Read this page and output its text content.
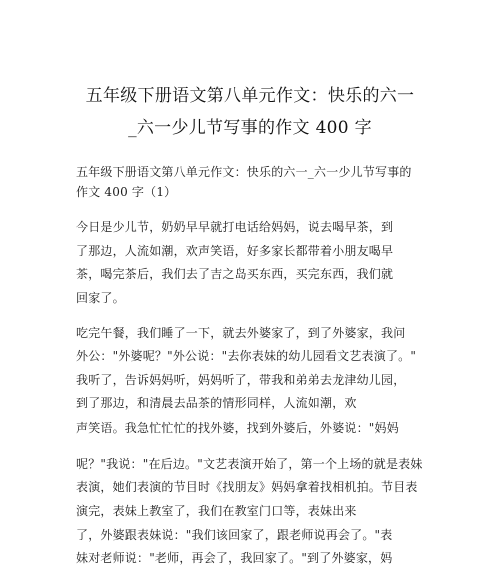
五年级下册语文第八单元作文：快乐的六一
_六一少儿节写事的作文 400 字
五年级下册语文第八单元作文：快乐的六一_六一少儿节写事的
作文 400 字（1）
今日是少儿节，奶奶早早就打电话给妈妈，说去喝早茶，到
了那边，人流如潮，欢声笑语，好多家长都带着小朋友喝早
茶，喝完茶后，我们去了吉之岛买东西，买完东西，我们就
回家了。
吃完午餐，我们睡了一下，就去外婆家了，到了外婆家，我问
外公："外婆呢？"外公说："去你表妹的幼儿园看文艺表演了。"
我听了，告诉妈妈听，妈妈听了，带我和弟弟去龙津幼儿园，
到了那边，和清晨去品茶的情形同样，人流如潮，欢
声笑语。我急忙忙忙的找外婆，找到外婆后，外婆说："妈妈
呢？"我说："在后边。"文艺表演开始了，第一个上场的就是表妹
表演，她们表演的节目时《找朋友》妈妈拿着找相机拍。节目表
演完，表妹上教室了，我们在教室门口等，表妹出来
了，外婆跟表妹说："我们该回家了，跟老师说再会了。"表
妹对老师说："老师，再会了，我回家了。"到了外婆家，妈
